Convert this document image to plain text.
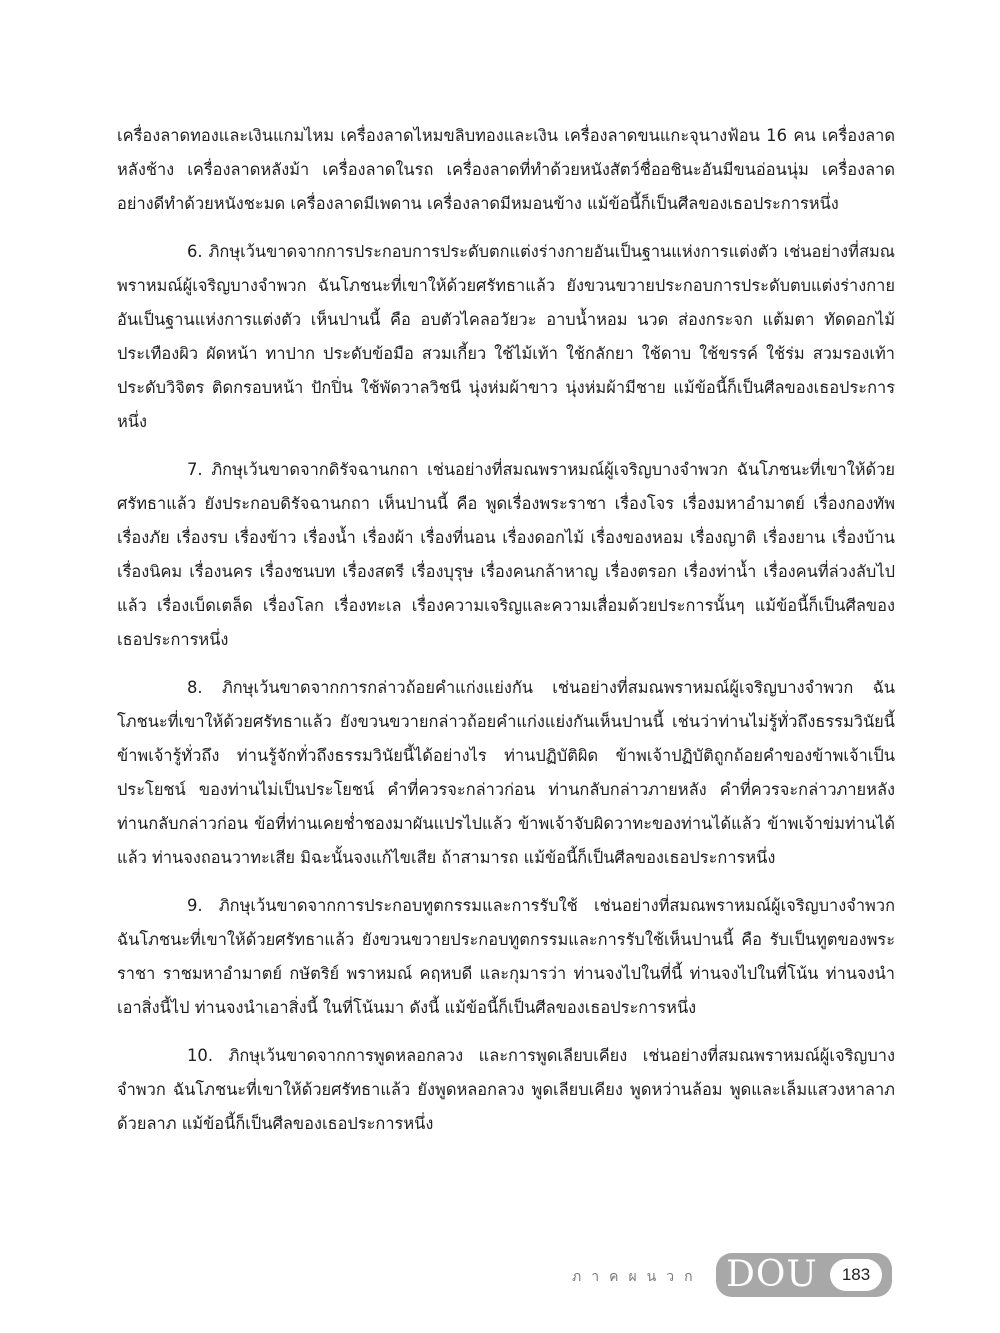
เครื่องลาดทองและเงินแกมไหม เครื่องลาดไหมขลิบทองและเงิน เครื่องลาดขนแกะจุนางฟ้อน 16 คน เครื่องลาดหลังช้าง เครื่องลาดหลังม้า เครื่องลาดในรถ เครื่องลาดที่ทำด้วยหนังสัตว์ชื่ออชินะอันมีขนอ่อนนุ่ม เครื่องลาดอย่างดีทำด้วยหนังชะมด เครื่องลาดมีเพดาน เครื่องลาดมีหมอนข้าง แม้ข้อนี้ก็เป็นศีลของเธอประการหนึ่ง

6. ภิกษุเว้นขาดจากการประกอบการประดับตกแต่งร่างกายอันเป็นฐานแห่งการแต่งตัว เช่นอย่างที่สมณพราหมณ์ผู้เจริญบางจำพวก ฉันโภชนะที่เขาให้ด้วยศรัทธาแล้ว ยังขวนขวายประกอบการประดับตบแต่งร่างกายอันเป็นฐานแห่งการแต่งตัว เห็นปานนี้ คือ อบตัวไคลอวัยวะ อาบน้ำหอม นวด ส่องกระจก แต้มตา ทัดดอกไม้ ประเทืองผิว ผัดหน้า ทาปาก ประดับข้อมือ สวมเกี้ยว ใช้ไม้เท้า ใช้กลักยา ใช้ดาบ ใช้ขรรค์ ใช้ร่ม สวมรองเท้าประดับวิจิตร ติดกรอบหน้า ปักปิ่น ใช้พัดวาลวิชนี นุ่งห่มผ้าขาว นุ่งห่มผ้ามีชาย แม้ข้อนี้ก็เป็นศีลของเธอประการหนึ่ง

7. ภิกษุเว้นขาดจากดิรัจฉานกถา เช่นอย่างที่สมณพราหมณ์ผู้เจริญบางจำพวก ฉันโภชนะที่เขาให้ด้วยศรัทธาแล้ว ยังประกอบดิรัจฉานกถา เห็นปานนี้ คือ พูดเรื่องพระราชา เรื่องโจร เรื่องมหาอำมาตย์ เรื่องกองทัพ เรื่องภัย เรื่องรบ เรื่องข้าว เรื่องน้ำ เรื่องผ้า เรื่องที่นอน เรื่องดอกไม้ เรื่องของหอม เรื่องญาติ เรื่องยาน เรื่องบ้าน เรื่องนิคม เรื่องนคร เรื่องชนบท เรื่องสตรี เรื่องบุรุษ เรื่องคนกล้าหาญ เรื่องตรอก เรื่องท่าน้ำ เรื่องคนที่ล่วงลับไปแล้ว เรื่องเบ็ดเตล็ด เรื่องโลก เรื่องทะเล เรื่องความเจริญและความเสื่อมด้วยประการนั้นๆ แม้ข้อนี้ก็เป็นศีลของเธอประการหนึ่ง

8. ภิกษุเว้นขาดจากการกล่าวถ้อยคำแก่งแย่งกัน เช่นอย่างที่สมณพราหมณ์ผู้เจริญบางจำพวก ฉันโภชนะที่เขาให้ด้วยศรัทธาแล้ว ยังขวนขวายกล่าวถ้อยคำแก่งแย่งกันเห็นปานนี้ เช่นว่าท่านไม่รู้ทั่วถึงธรรมวินัยนี้ ข้าพเจ้ารู้ทั่วถึง ท่านรู้จักทั่วถึงธรรมวินัยนี้ได้อย่างไร ท่านปฏิบัติผิด ข้าพเจ้าปฏิบัติถูกถ้อยคำของข้าพเจ้าเป็นประโยชน์ ของท่านไม่เป็นประโยชน์ คำที่ควรจะกล่าวก่อน ท่านกลับกล่าวภายหลัง คำที่ควรจะกล่าวภายหลัง ท่านกลับกล่าวก่อน ข้อที่ท่านเคยช่ำชองมาผันแปรไปแล้ว ข้าพเจ้าจับผิดวาทะของท่านได้แล้ว ข้าพเจ้าข่มท่านได้แล้ว ท่านจงถอนวาทะเสีย มิฉะนั้นจงแก้ไขเสีย ถ้าสามารถ แม้ข้อนี้ก็เป็นศีลของเธอประการหนึ่ง

9. ภิกษุเว้นขาดจากการประกอบทูตกรรมและการรับใช้ เช่นอย่างที่สมณพราหมณ์ผู้เจริญบางจำพวก ฉันโภชนะที่เขาให้ด้วยศรัทธาแล้ว ยังขวนขวายประกอบทูตกรรมและการรับใช้เห็นปานนี้ คือ รับเป็นทูตของพระราชา ราชมหาอำมาตย์ กษัตริย์ พราหมณ์ คฤหบดี และกุมารว่า ท่านจงไปในที่นี้ ท่านจงไปในที่โน้น ท่านจงนำเอาสิ่งนี้ไป ท่านจงนำเอาสิ่งนี้ ในที่โน้นมา ดังนี้ แม้ข้อนี้ก็เป็นศีลของเธอประการหนึ่ง

10. ภิกษุเว้นขาดจากการพูดหลอกลวง และการพูดเลียบเคียง เช่นอย่างที่สมณพราหมณ์ผู้เจริญบางจำพวก ฉันโภชนะที่เขาให้ด้วยศรัทธาแล้ว ยังพูดหลอกลวง พูดเลียบเคียง พูดหว่านล้อม พูดและเล็มแสวงหาลาภด้วยลาภ แม้ข้อนี้ก็เป็นศีลของเธอประการหนึ่ง

ภาคผนวก DOU	183
